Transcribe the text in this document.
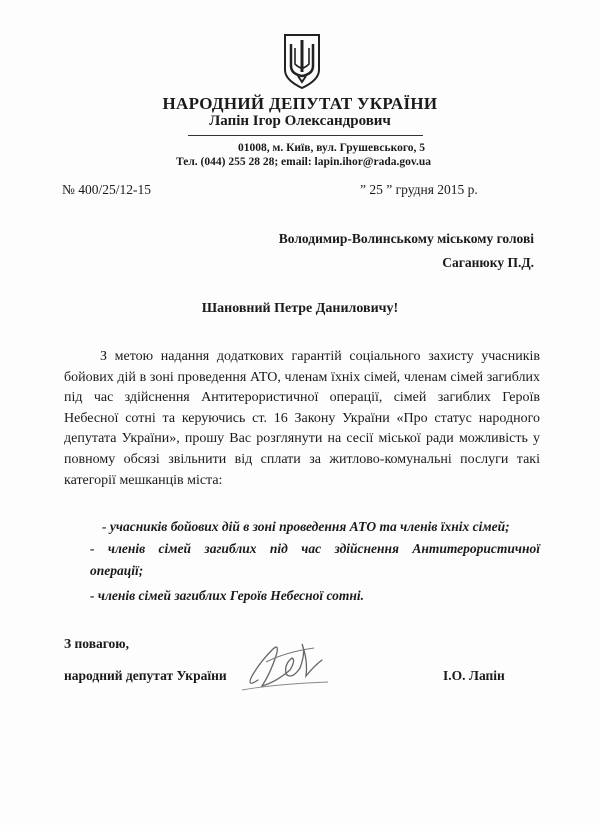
НАРОДНИЙ ДЕПУТАТ УКРАЇНИ
Лапін Ігор Олександрович
01008, м. Київ, вул. Грушевського, 5
Тел. (044) 255 28 28; email: lapin.ihor@rada.gov.ua
№ 400/25/12-15	” 25 ” грудня 2015 р.
Володимир-Волинському міському голові
Саганюку П.Д.
Шановний Петре Даниловичу!

З метою надання додаткових гарантій соціального захисту учасників бойових дій в зоні проведення АТО, членам їхніх сімей, членам сімей загиблих під час здійснення Антитерористичної операції, сімей загиблих Героїв Небесної сотні та керуючись ст. 16 Закону України «Про статус народного депутата України», прошу Вас розглянути на сесії міської ради можливість у повному обсязі звільнити від сплати за житлово-комунальні послуги такі категорії мешканців міста:

- учасників бойових дій в зоні проведення АТО та членів їхніх сімей;
- членів сімей загиблих під час здійснення Антитерористичної
операції;
- членів сімей загиблих Героїв Небесної сотні.
З повагою,
народний депутат України	І.О. Лапін
